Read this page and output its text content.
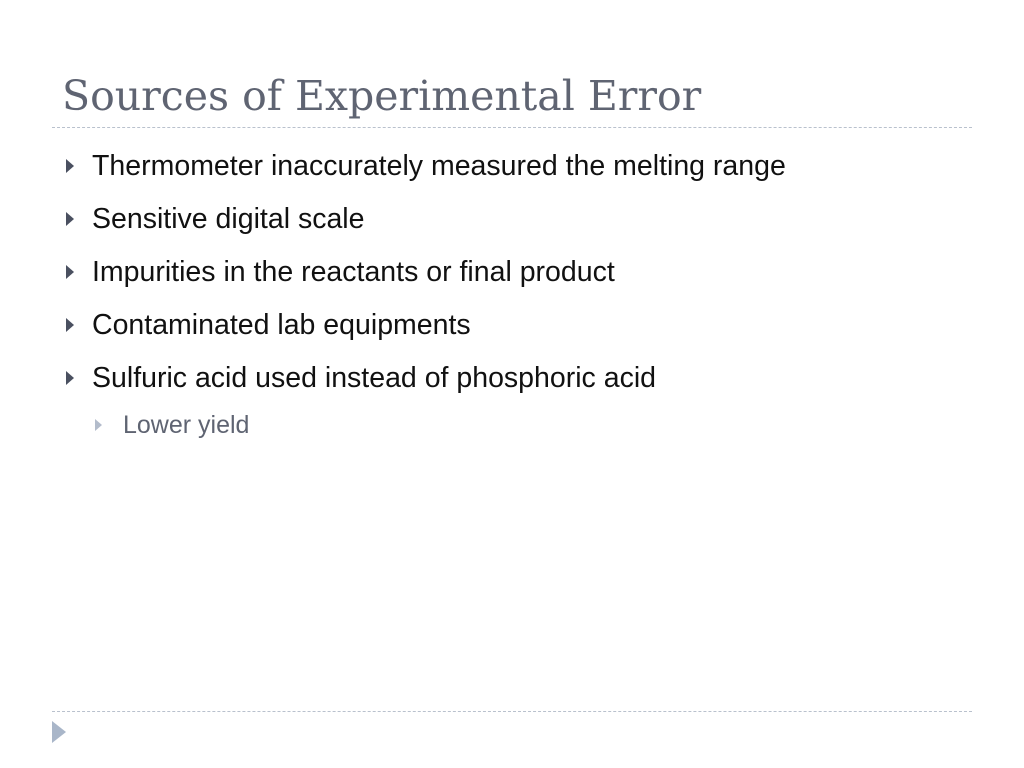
Sources of Experimental Error
Thermometer inaccurately measured the melting range
Sensitive digital scale
Impurities in the reactants or final product
Contaminated lab equipments
Sulfuric acid used instead of phosphoric acid
Lower yield
